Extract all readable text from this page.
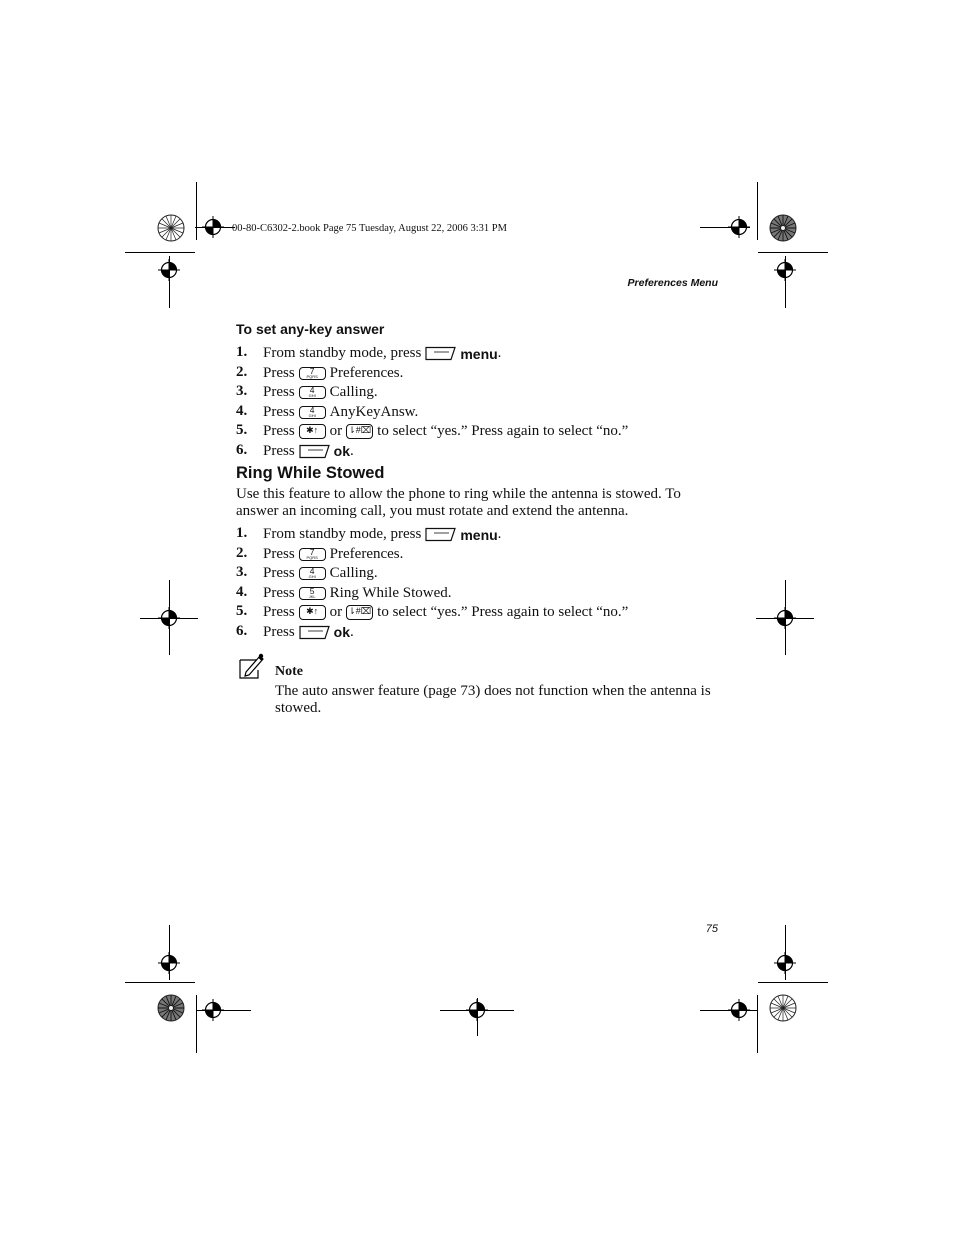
00-80-C6302-2.book Page 75 Tuesday, August 22, 2006 3:31 PM
Preferences Menu
To set any-key answer
1. From standby mode, press	menu .
2. Press	7
PQRS Preferences.
3. Press	4
GHI Calling.
4. Press	4
GHI AnyKeyAnsw.
5. Press	✱↑ or ⇂#⌧ to select “yes.” Press again to select “no.”
6. Press	ok .
Ring While Stowed
Use this feature to allow the phone to ring while the antenna is stowed. To answer an incoming call, you must rotate and extend the antenna.
1. From standby mode, press	menu .
2. Press	7
PQRS Preferences.
3. Press	4
GHI Calling.
4. Press	5
JKL Ring While Stowed.
5. Press	✱↑ or ⇂#⌧ to select “yes.” Press again to select “no.”
6. Press	ok .
Note
The auto answer feature (page 73) does not function when the antenna is stowed.
75
